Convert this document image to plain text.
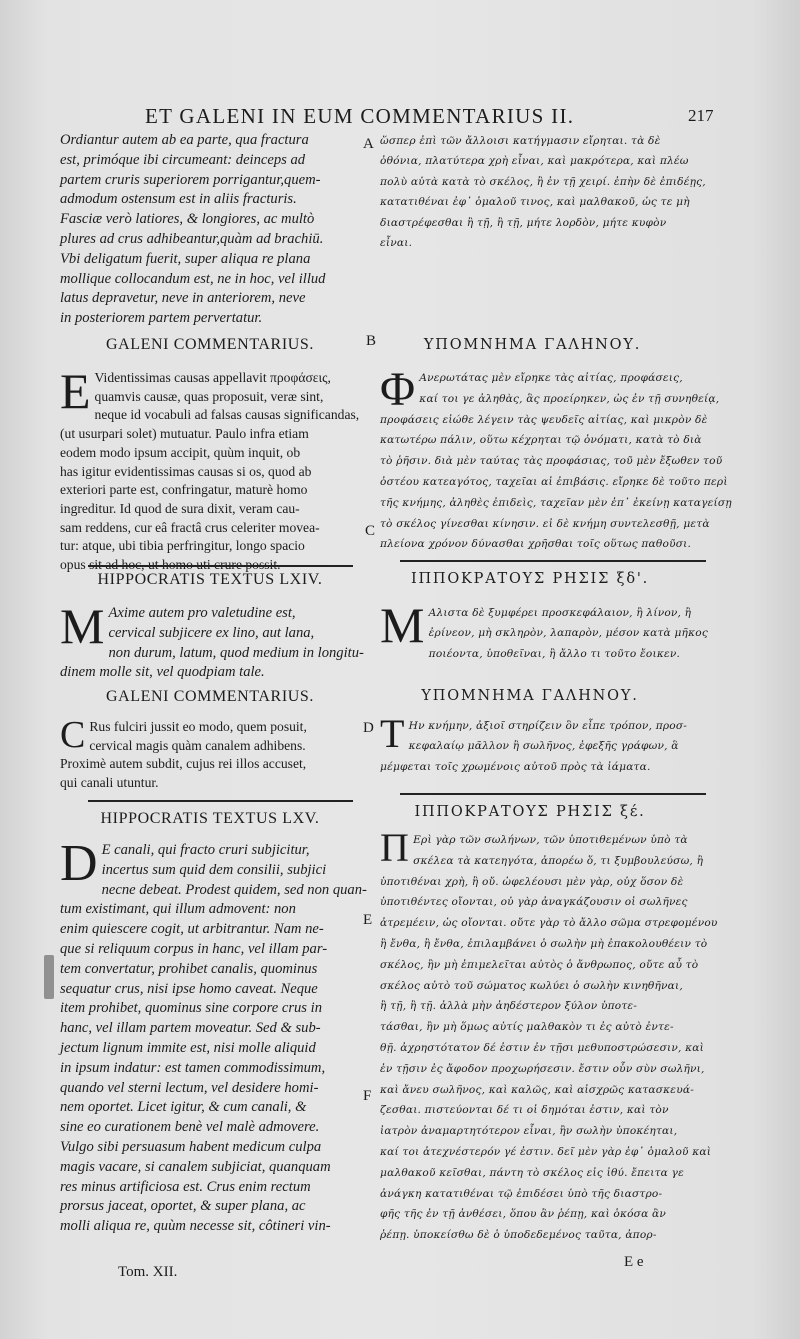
ET GALENI IN EUM COMMENTARIUS II.	217
A
B
C
D
E
F
Ordiantur autem ab ea parte, qua fractura
est, primóque ibi circumeant: deinceps ad
partem cruris superiorem porrigantur,quem-
admodum ostensum est in aliis fracturis.
Fasciæ verò latiores, & longiores, ac multò
plures ad crus adhibeantur,quàm ad brachiū.
Vbi deligatum fuerit, super aliqua re plana
mollique collocandum est, ne in hoc, vel illud
latus depravetur, neve in anteriorem, neve
in posteriorem partem pervertatur.
ὥσπερ ἐπὶ τῶν ἄλλοισι κατήγμασιν εἴρηται. τὰ δὲ
ὀθόνια, πλατύτερα χρὴ εἶναι, καὶ μακρότερα, καὶ πλέω
πολὺ αὐτὰ κατὰ τὸ σκέλος, ἢ ἐν τῇ χειρί. ἐπὴν δὲ ἐπιδέῃς,
κατατιθέναι ἐφ᾽ ὁμαλοῦ τινος, καὶ μαλθακοῦ, ὡς τε μὴ
διαστρέφεσθαι ἢ τῇ, ἢ τῇ, μήτε λορδὸν, μήτε κυφὸν
εἶναι.
GALENI COMMENTARIUS.	ΥΠΟΜΝΗΜΑ ΓΑΛΗΝΟΥ.
E Videntissimas causas appellavit προφάσεις,
quamvis causæ, quas proposuit, veræ sint,
neque id vocabuli ad falsas causas significandas,
(ut usurpari solet) mutuatur. Paulo infra etiam
eodem modo ipsum accipit, quùm inquit, ob
has igitur evidentissimas causas si os, quod ab
exteriori parte est, confringatur, maturè homo
ingreditur. Id quod de sura dixit, veram cau-
sam reddens, cur eâ fractâ crus celeriter movea-
tur: atque, ubi tibia perfringitur, longo spacio
opus sit ad hoc, ut homo uti crure possit.
Φ Ανερωτάτας μὲν εἴρηκε τὰς αἰτίας, προφάσεις,
καί τοι γε ἀληθὰς, ἃς προείρηκεν, ὡς ἐν τῇ συνηθείᾳ,
προφάσεις εἰώθε λέγειν τὰς ψευδεῖς αἰτίας, καὶ μικρὸν δὲ
κατωτέρω πάλιν, οὕτω κέχρηται τῷ ὀνόματι, κατὰ τὸ διὰ
τὸ ῥῆσιν. διὰ μὲν ταύτας τὰς προφάσιας, τοῦ μὲν ἔξωθεν τοῦ
ὀστέου κατεαγότος, ταχεῖαι αἱ ἐπιβάσις. εἴρηκε δὲ τοῦτο περὶ
τῆς κνήμης, ἀληθὲς ἐπιδεὶς, ταχεῖαν μὲν ἐπ᾽ ἐκείνῃ καταγείσῃ
τὸ σκέλος γίνεσθαι κίνησιν. εἰ δὲ κνήμη συντελεσθῇ, μετὰ
πλείονα χρόνον δύνασθαι χρῆσθαι τοῖς οὕτως παθοῦσι.
HIPPOCRATIS TEXTUS LXIV.	ΙΠΠΟΚΡΑΤΟΥΣ ΡΗΣΙΣ ξδ'.
M Axime autem pro valetudine est,
cervical subjicere ex lino, aut lana,
non durum, latum, quod medium in longitu-
dinem molle sit, vel quodpiam tale.
Μ Αλιστα δὲ ξυμφέρει προσκεφάλαιον, ἢ λίνον, ἢ
ἐρίνεον, μὴ σκληρὸν, λαπαρὸν, μέσον κατὰ μῆκος
ποιέοντα, ὑποθεῖναι, ἢ ἄλλο τι τοῦτο ἔοικεν.
GALENI COMMENTARIUS.	ΥΠΟΜΝΗΜΑ ΓΑΛΗΝΟΥ.
C Rus fulciri jussit eo modo, quem posuit,
cervical magis quàm canalem adhibens.
Proximè autem subdit, cujus rei illos accuset,
qui canali utuntur.
Τ Ην κνήμην, ἀξιοῖ στηρίζειν ὃν εἶπε τρόπον, προσ-
κεφαλαίῳ μᾶλλον ἢ σωλῆνος, ἐφεξῆς γράφων, ἃ
μέμφεται τοῖς χρωμένοις αὐτοῦ πρὸς τὰ ἰάματα.
HIPPOCRATIS TEXTUS LXV.	ΙΠΠΟΚΡΑΤΟΥΣ ΡΗΣΙΣ ξέ.
D E canali, qui fracto cruri subjicitur,
incertus sum quid dem consilii, subjici
necne debeat. Prodest quidem, sed non quan-
tum existimant, qui illum admovent: non
enim quiescere cogit, ut arbitrantur. Nam ne-
que si reliquum corpus in hanc, vel illam par-
tem convertatur, prohibet canalis, quominus
sequatur crus, nisi ipse homo caveat. Neque
item prohibet, quominus sine corpore crus in
hanc, vel illam partem moveatur. Sed & sub-
jectum lignum immite est, nisi molle aliquid
in ipsum indatur: est tamen commodissimum,
quando vel sterni lectum, vel desidere homi-
nem oportet. Licet igitur, & cum canali, &
sine eo curationem benè vel malè admovere.
Vulgo sibi persuasum habent medicum culpa
magis vacare, si canalem subjiciat, quanquam
res minus artificiosa est. Crus enim rectum
prorsus jaceat, oportet, & super plana, ac
molli aliqua re, quùm necesse sit, côtineri vin-
Π Ερὶ γὰρ τῶν σωλήνων, τῶν ὑποτιθεμένων ὑπὸ τὰ
σκέλεα τὰ κατεηγότα, ἀπορέω ὅ, τι ξυμβουλεύσω, ἢ
ὑποτιθέναι χρὴ, ἢ οὔ. ὠφελέουσι μὲν γὰρ, οὐχ ὅσον δὲ
ὑποτιθέντες οἴονται, οὐ γὰρ ἀναγκάζουσιν οἱ σωλῆνες
ἀτρεμέειν, ὡς οἴονται. οὔτε γὰρ τὸ ἄλλο σῶμα στρεφομένου
ἢ ἔνθα, ἢ ἔνθα, ἐπιλαμβάνει ὁ σωλὴν μὴ ἐπακολουθέειν τὸ
σκέλος, ἢν μὴ ἐπιμελεῖται αὐτὸς ὁ ἄνθρωπος, οὔτε αὖ τὸ
σκέλος αὐτὸ τοῦ σώματος κωλύει ὁ σωλὴν κινηθῆναι,
ἢ τῇ, ἢ τῇ. ἀλλὰ μὴν ἀηδέστερον ξύλον ὑποτε-
τάσθαι, ἢν μὴ ὅμως αὐτίς μαλθακὸν τι ἐς αὐτὸ ἐντε-
θῇ. ἀχρηστότατον δέ ἐστιν ἐν τῇσι μεθυποστρώσεσιν, καὶ
ἐν τῇσιν ἐς ἄφοδον προχωρήσεσιν. ἔστιν οὖν σὺν σωλῆνι,
καὶ ἄνευ σωλῆνος, καὶ καλῶς, καὶ αἰσχρῶς κατασκευά-
ζεσθαι. πιστεύονται δέ τι οἱ δημόται ἐστιν, καὶ τὸν
ἰατρὸν ἀναμαρτητότερον εἶναι, ἢν σωλὴν ὑποκέηται,
καί τοι ἀτεχνέστερόν γέ ἐστιν. δεῖ μὲν γὰρ ἐφ᾽ ὁμαλοῦ καὶ
μαλθακοῦ κεῖσθαι, πάντη τὸ σκέλος εἰς ἰθύ. ἔπειτα γε
ἀνάγκη κατατιθέναι τῷ ἐπιδέσει ὑπὸ τῆς διαστρο-
φῆς τῆς ἐν τῇ ἀνθέσει, ὅπου ἂν ῥέπῃ, καὶ ὁκόσα ἂν
ῥέπῃ. ὑποκείσθω δὲ ὁ ὑποδεδεμένος ταῦτα, ἀπορ-
Tom. XII.
E e
